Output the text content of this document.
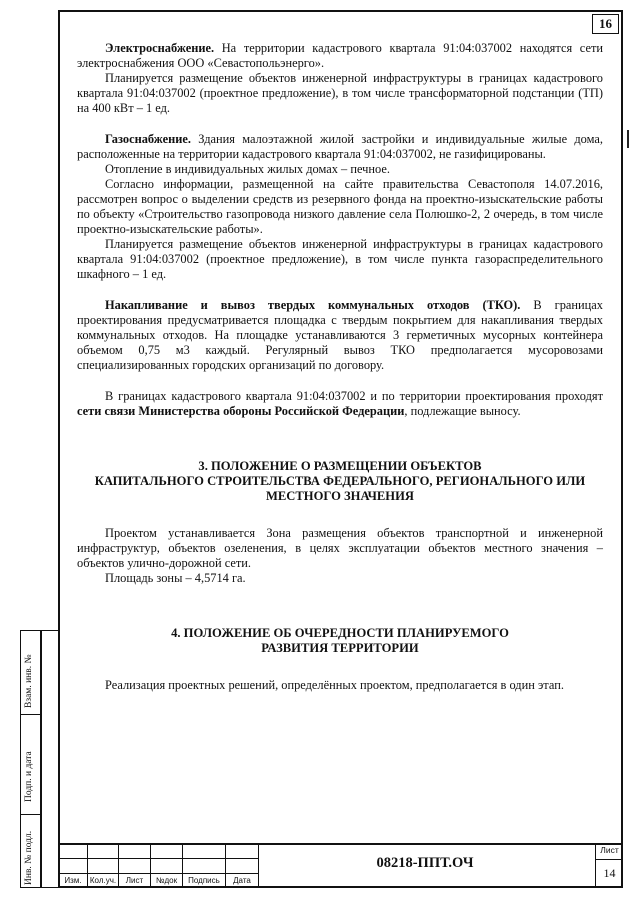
16

Электроснабжение. На территории кадастрового квартала 91:04:037002 находятся сети электроснабжения ООО «Севастопольэнерго».

Планируется размещение объектов инженерной инфраструктуры в границах кадастрового квартала 91:04:037002 (проектное предложение), в том числе трансформаторной подстанции (ТП) на 400 кВт – 1 ед.

Газоснабжение. Здания малоэтажной жилой застройки и индивидуальные жилые дома, расположенные на территории кадастрового квартала 91:04:037002, не газифицированы.

Отопление в индивидуальных жилых домах – печное.

Согласно информации, размещенной на сайте правительства Севастополя 14.07.2016, рассмотрен вопрос о выделении средств из резервного фонда на проектно-изыскательские работы по объекту «Строительство газопровода низкого давление села Полюшко-2, 2 очередь, в том числе проектно-изыскательские работы».

Планируется размещение объектов инженерной инфраструктуры в границах кадастрового квартала 91:04:037002 (проектное предложение), в том числе пункта газораспределительного шкафного – 1 ед.

Накапливание и вывоз твердых коммунальных отходов (ТКО). В границах проектирования предусматривается площадка с твердым покрытием для накапливания твердых коммунальных отходов. На площадке устанавливаются 3 герметичных мусорных контейнера объемом 0,75 м3 каждый. Регулярный вывоз ТКО предполагается мусоровозами специализированных городских организаций по договору.

В границах кадастрового квартала 91:04:037002 и по территории проектирования проходят сети связи Министерства обороны Российской Федерации, подлежащие выносу.

3. ПОЛОЖЕНИЕ О РАЗМЕЩЕНИИ ОБЪЕКТОВ

КАПИТАЛЬНОГО СТРОИТЕЛЬСТВА ФЕДЕРАЛЬНОГО, РЕГИОНАЛЬНОГО ИЛИ

МЕСТНОГО ЗНАЧЕНИЯ

Проектом устанавливается Зона размещения объектов транспортной и инженерной инфраструктур, объектов озеленения, в целях эксплуатации объектов местного значения – объектов улично-дорожной сети.

Площадь зоны – 4,5714 га.

4. ПОЛОЖЕНИЕ ОБ ОЧЕРЕДНОСТИ ПЛАНИРУЕМОГО

РАЗВИТИЯ ТЕРРИТОРИИ

Реализация проектных решений, определённых проектом, предполагается в один этап.

Взам. инв. №
Подп. и дата
Инв. № подл.	Изм.	Кол.уч.	Лист	№док	Подпись	Дата
08218-ППТ.ОЧ
Лист
14
